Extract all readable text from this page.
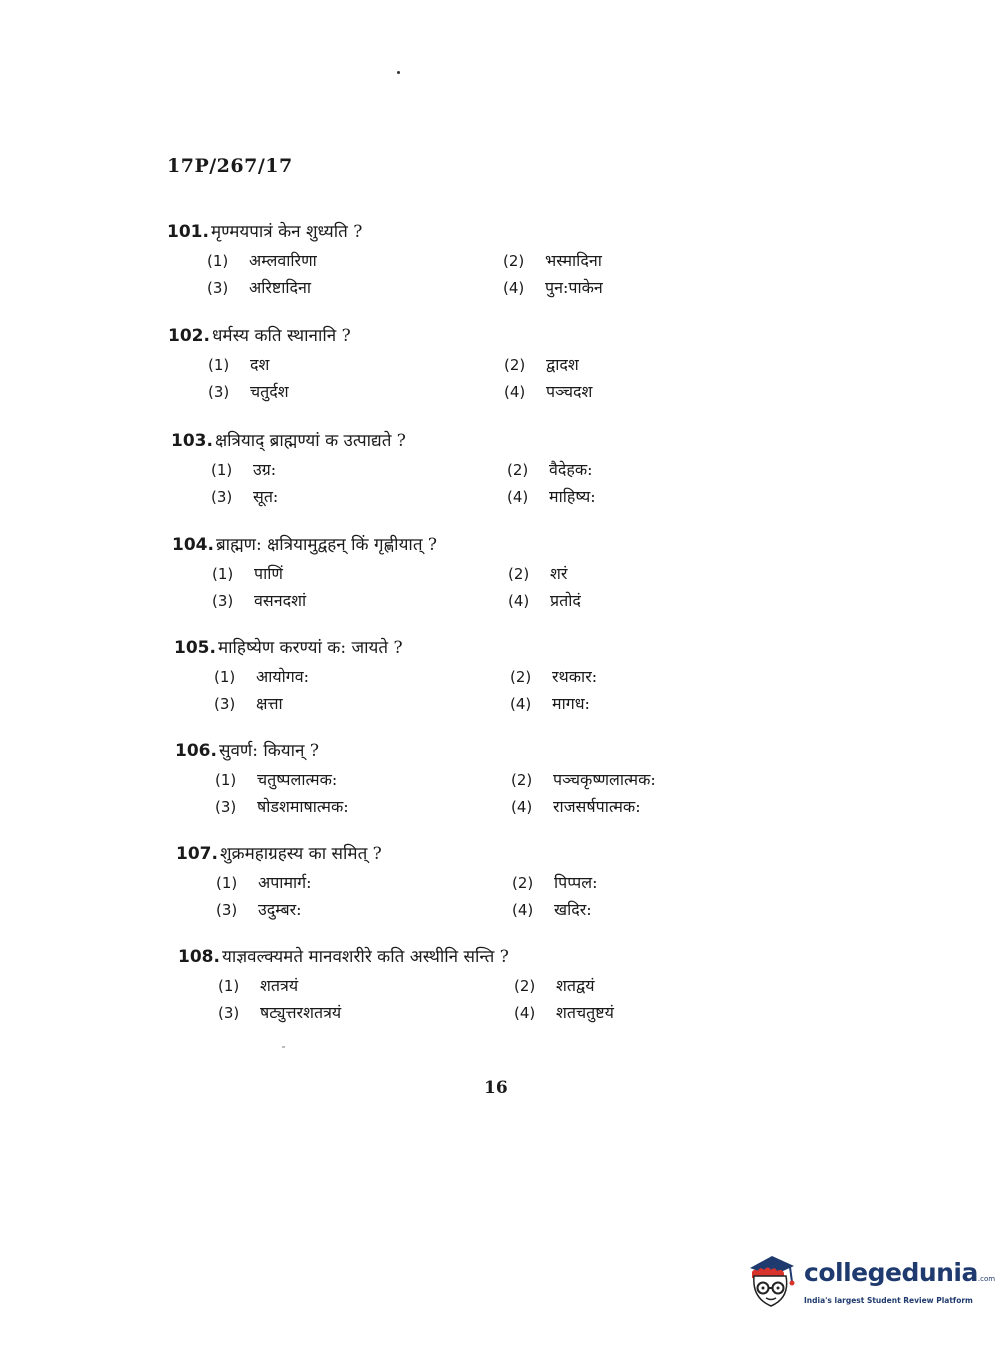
17P/267/17
101. मृण्मयपात्रं केन शुध्यति ?
(1) अम्लवारिणा	(2) भस्मादिना
(3) अरिष्टादिना	(4) पुन:पाकेन
102. धर्मस्य कति स्थानानि ?
(1) दश	(2) द्वादश
(3) चतुर्दश	(4) पञ्चदश
103. क्षत्रियाद् ब्राह्मण्यां क उत्पाद्यते ?
(1) उग्र:	(2) वैदेहक:
(3) सूत:	(4) माहिष्य:
104. ब्राह्मण: क्षत्रियामुद्वहन् किं गृह्णीयात् ?
(1) पाणिं	(2) शरं
(3) वसनदशां	(4) प्रतोदं
105. माहिष्येण करण्यां क: जायते ?
(1) आयोगव:	(2) रथकार:
(3) क्षत्ता	(4) मागध:
106. सुवर्ण: कियान् ?
(1) चतुष्पलात्मक:	(2) पञ्चकृष्णलात्मक:
(3) षोडशमाषात्मक:	(4) राजसर्षपात्मक:
107. शुक्रमहाग्रहस्य का समित् ?
(1) अपामार्ग:	(2) पिप्पल:
(3) उदुम्बर:	(4) खदिर:
108. याज्ञवल्क्यमते मानवशरीरे कति अस्थीनि सन्ति ?
(1) शतत्रयं	(2) शतद्वयं
(3) षट्युत्तरशतत्रयं	(4) शतचतुष्टयं
16
collegedunia.com
India's largest Student Review Platform
